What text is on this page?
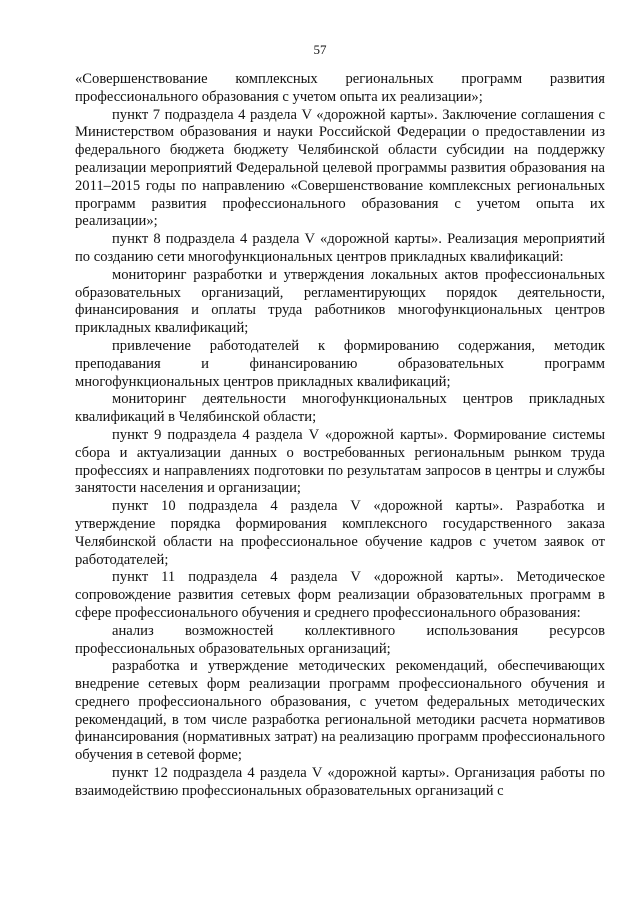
57

«Совершенствование комплексных региональных программ развития профессионального образования с учетом опыта их реализации»;

пункт 7 подраздела 4 раздела V «дорожной карты». Заключение соглашения с Министерством образования и науки Российской Федерации о предоставлении из федерального бюджета бюджету Челябинской области субсидии на поддержку реализации мероприятий Федеральной целевой программы развития образования на 2011–2015 годы по направлению «Совершенствование комплексных региональных программ развития профессионального образования с учетом опыта их реализации»;

пункт 8 подраздела 4 раздела V «дорожной карты». Реализация мероприятий по созданию сети многофункциональных центров прикладных квалификаций:

мониторинг разработки и утверждения локальных актов профессиональных образовательных организаций, регламентирующих порядок деятельности, финансирования и оплаты труда работников многофункциональных центров прикладных квалификаций;

привлечение работодателей к формированию содержания, методик преподавания и финансированию образовательных программ многофункциональных центров прикладных квалификаций;

мониторинг деятельности многофункциональных центров прикладных квалификаций в Челябинской области;

пункт 9 подраздела 4 раздела V «дорожной карты». Формирование системы сбора и актуализации данных о востребованных региональным рынком труда профессиях и направлениях подготовки по результатам запросов в центры и службы занятости населения и организации;

пункт 10 подраздела 4 раздела V «дорожной карты». Разработка и утверждение порядка формирования комплексного государственного заказа Челябинской области на профессиональное обучение кадров с учетом заявок от работодателей;

пункт 11 подраздела 4 раздела V «дорожной карты». Методическое сопровождение развития сетевых форм реализации образовательных программ в сфере профессионального обучения и среднего профессионального образования:

анализ возможностей коллективного использования ресурсов профессиональных образовательных организаций;

разработка и утверждение методических рекомендаций, обеспечивающих внедрение сетевых форм реализации программ профессионального обучения и среднего профессионального образования, с учетом федеральных методических рекомендаций, в том числе разработка региональной методики расчета нормативов финансирования (нормативных затрат) на реализацию программ профессионального обучения в сетевой форме;

пункт 12 подраздела 4 раздела V «дорожной карты». Организация работы по взаимодействию профессиональных образовательных организаций с
